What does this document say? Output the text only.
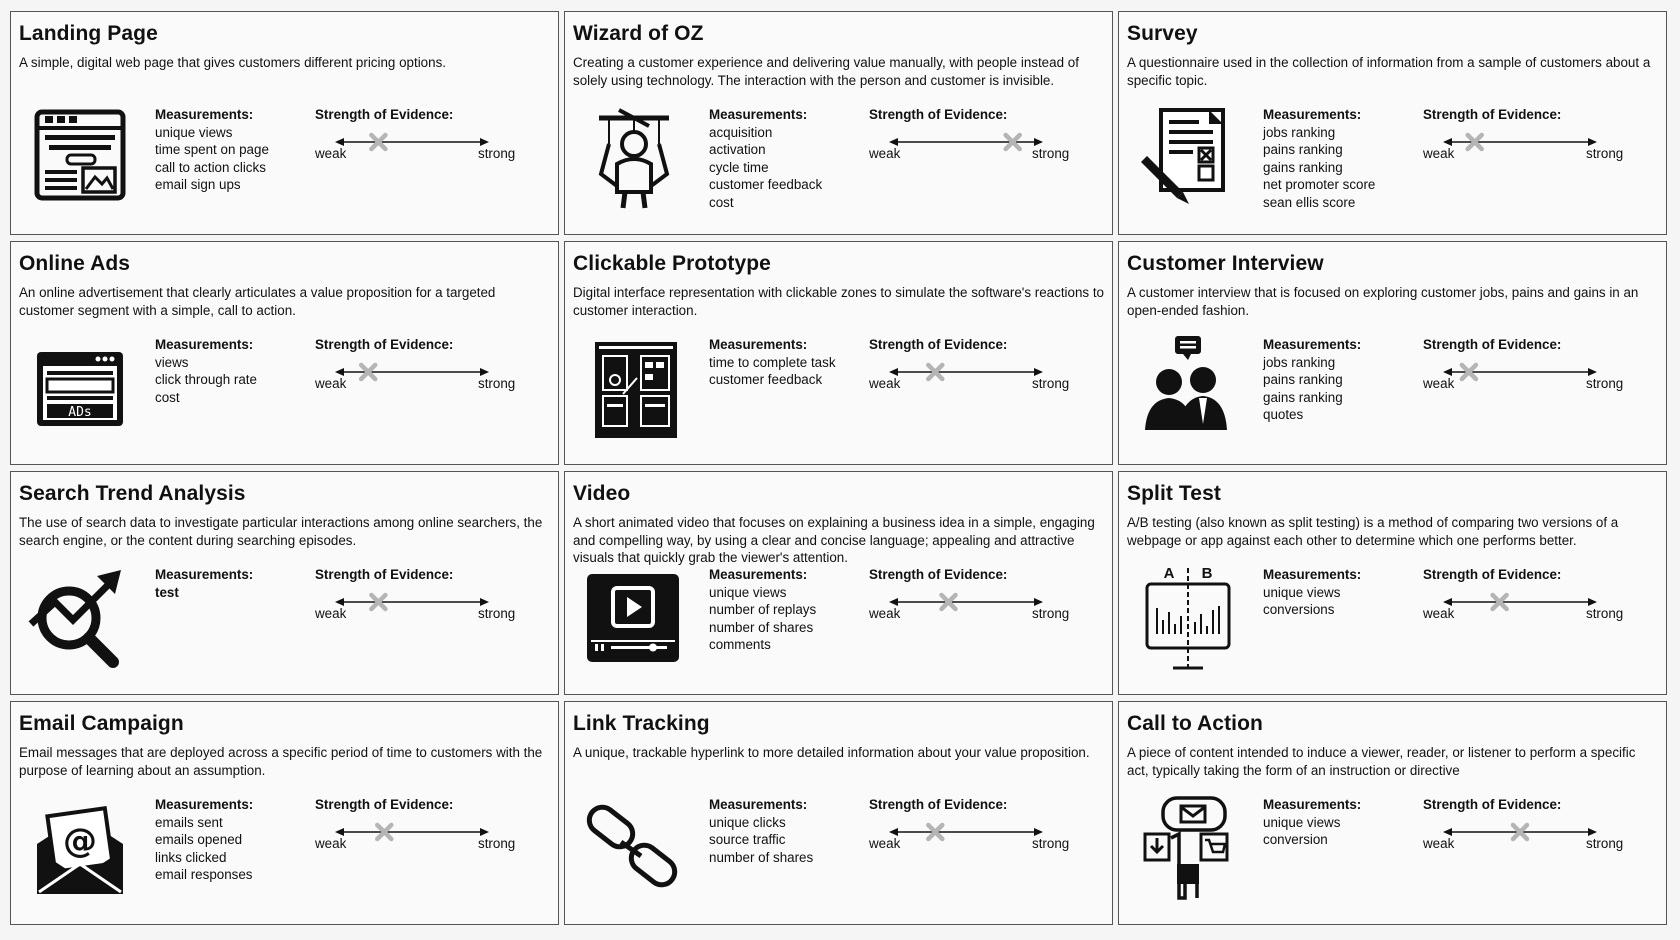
Landing Page

A simple, digital web page that gives customers different pricing options.

Measurements:
unique views
time spent on page
call to action clicks
email sign ups
Strength of Evidence:
weak	strong
Wizard of OZ

Creating a customer experience and delivering value manually, with people instead of solely using technology. The interaction with the person and customer is invisible.

Measurements:
acquisition
activation
cycle time
customer feedback
cost
Strength of Evidence:
weak	strong
Survey

A questionnaire used in the collection of information from a sample of customers about a specific topic.

Measurements:
jobs ranking
pains ranking
gains ranking
net promoter score
sean ellis score
Strength of Evidence:
weak	strong
Online Ads

An online advertisement that clearly articulates a value proposition for a targeted customer segment with a simple, call to action.

ADs
Measurements:
views
click through rate
cost
Strength of Evidence:
weak	strong
Clickable Prototype

Digital interface representation with clickable zones to simulate the software's reactions to customer interaction.

Measurements:
time to complete task
customer feedback
Strength of Evidence:
weak	strong
Customer Interview

A customer interview that is focused on exploring customer jobs, pains and gains in an open-ended fashion.

Measurements:
jobs ranking
pains ranking
gains ranking
quotes
Strength of Evidence:
weak	strong
Search Trend Analysis

The use of search data to investigate particular interactions among online searchers, the search engine, or the content during searching episodes.

Measurements:
test
Strength of Evidence:
weak	strong
Video

A short animated video that focuses on explaining a business idea in a simple, engaging and compelling way, by using a clear and concise language; appealing and attractive visuals that quickly grab the viewer's attention.

Measurements:
unique views
number of replays
number of shares
comments
Strength of Evidence:
weak	strong
Split Test

A/B testing (also known as split testing) is a method of comparing two versions of a webpage or app against each other to determine which one performs better.

A B	Measurements:
unique views
conversions
Strength of Evidence:
weak	strong
Email Campaign

Email messages that are deployed across a specific period of time to customers with the purpose of learning about an assumption.

@
Measurements:
emails sent
emails opened
links clicked
email responses
Strength of Evidence:
weak	strong
Link Tracking

A unique, trackable hyperlink to more detailed information about your value proposition.

Measurements:
unique clicks
source traffic
number of shares
Strength of Evidence:
weak	strong
Call to Action

A piece of content intended to induce a viewer, reader, or listener to perform a specific act, typically taking the form of an instruction or directive

Measurements:
unique views
conversion
Strength of Evidence:
weak	strong
